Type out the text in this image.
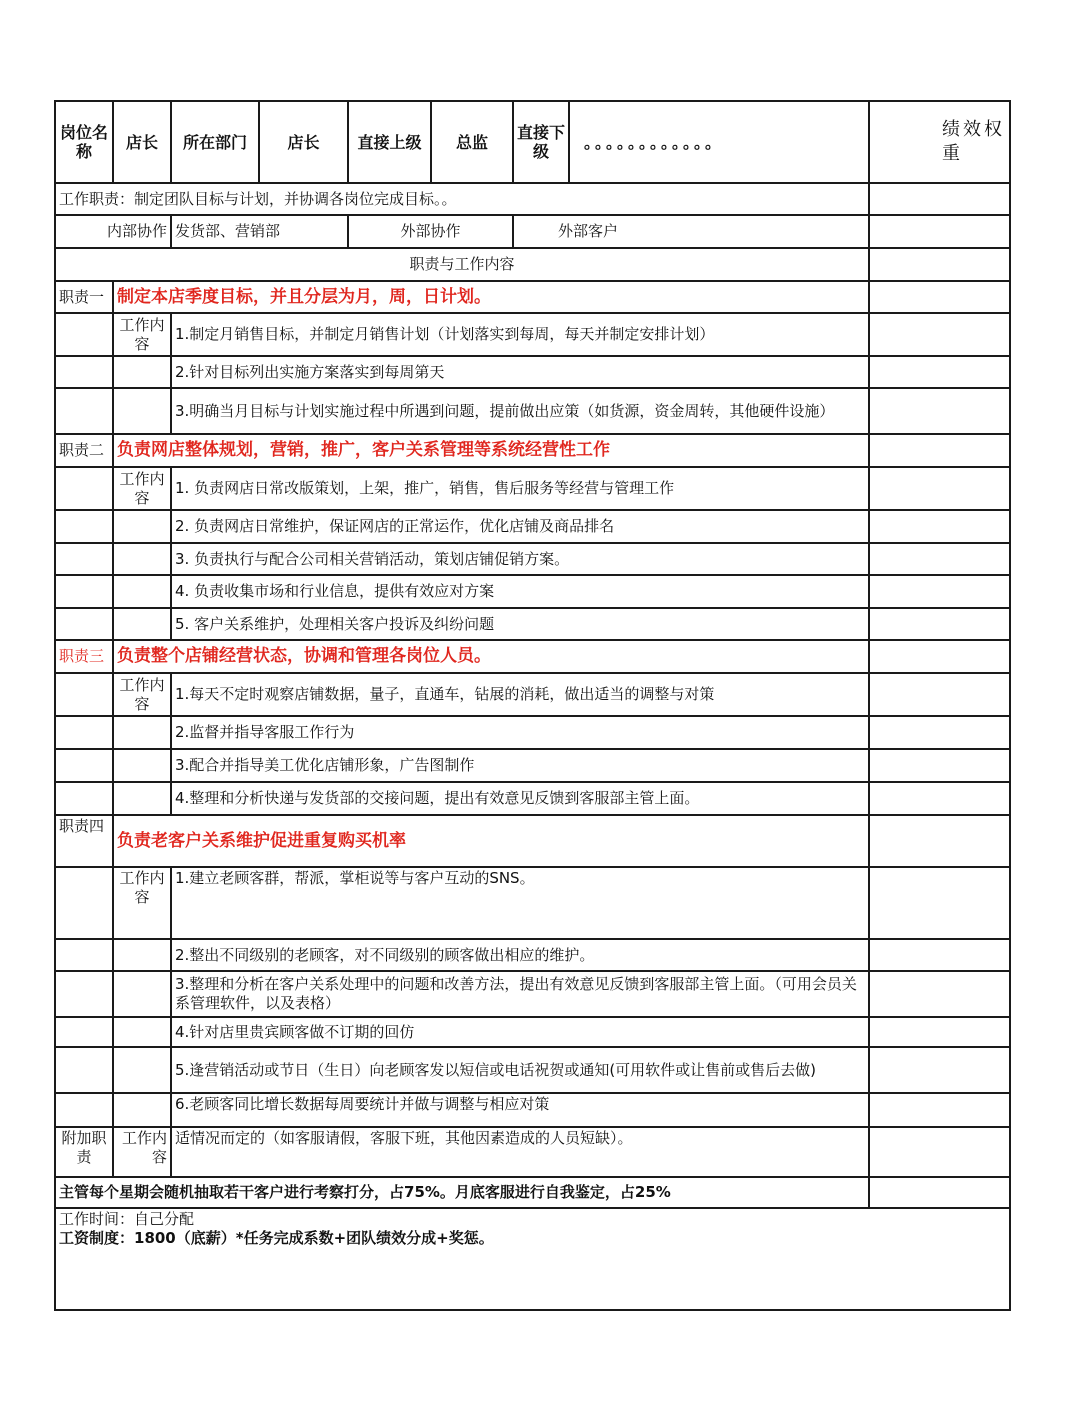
岗位名称	店长	所在部门	店长	直接上级	总监	直接下级	。。。。。。。。。。。。	绩效权重
工作职责：制定团队目标与计划，并协调各岗位完成目标。。								
内部协作		发货部、营销部		外部协作		外部客户		
职责与工作内容								
职责一	制定本店季度目标，并且分层为月，周，日计划。							
	工作内容	1.制定月销售目标，并制定月销售计划（计划落实到每周，每天并制定安排计划）						
		2.针对目标列出实施方案落实到每周第天						
		3.明确当月目标与计划实施过程中所遇到问题，提前做出应策（如货源，资金周转，其他硬件设施）						
职责二	负责网店整体规划，营销，推广，客户关系管理等系统经营性工作							
	工作内容	1. 负责网店日常改版策划，上架，推广，销售，售后服务等经营与管理工作						
		2. 负责网店日常维护，保证网店的正常运作，优化店铺及商品排名						
		3. 负责执行与配合公司相关营销活动，策划店铺促销方案。						
		4. 负责收集市场和行业信息，提供有效应对方案						
		5. 客户关系维护，处理相关客户投诉及纠纷问题						
职责三	负责整个店铺经营状态，协调和管理各岗位人员。							
	工作内容	1.每天不定时观察店铺数据，量子，直通车，钻展的消耗，做出适当的调整与对策						
		2.监督并指导客服工作行为						
		3.配合并指导美工优化店铺形象，广告图制作						
		4.整理和分析快递与发货部的交接问题，提出有效意见反馈到客服部主管上面。						
职责四	负责老客户关系维护促进重复购买机率							
	工作内容	1.建立老顾客群，帮派，掌柜说等与客户互动的SNS。						
		2.整出不同级别的老顾客，对不同级别的顾客做出相应的维护。						
		3.整理和分析在客户关系处理中的问题和改善方法，提出有效意见反馈到客服部主管上面。（可用会员关系管理软件，以及表格）						
		4.针对店里贵宾顾客做不订期的回仿						
		5.逢营销活动或节日（生日）向老顾客发以短信或电话祝贺或通知(可用软件或让售前或售后去做)						
		6.老顾客同比增长数据每周要统计并做与调整与相应对策						
附加职责	工作内容	适情况而定的（如客服请假，客服下班，其他因素造成的人员短缺）。						
主管每个星期会随机抽取若干客户进行考察打分，占75%。月底客服进行自我鉴定，占25%								

工作时间：自己分配
工资制度：1800（底薪）*任务完成系数+团队绩效分成+奖惩。								
